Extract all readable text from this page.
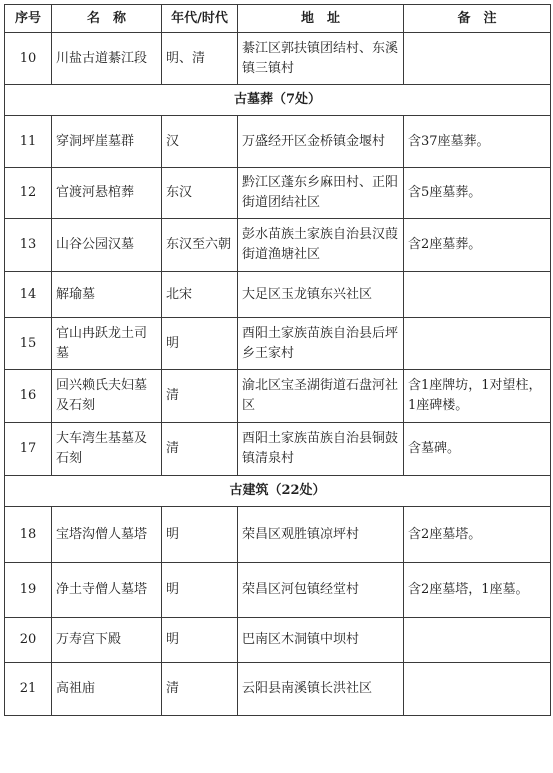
序号	名　称	年代/时代	地　址	备　注
10	川盐古道綦江段	明、清	綦江区郭扶镇团结村、东溪镇三镇村	
古墓葬（7处）				
11	穿洞坪崖墓群	汉	万盛经开区金桥镇金堰村	含37座墓葬。
12	官渡河悬棺葬	东汉	黔江区蓬东乡麻田村、正阳街道团结社区	含5座墓葬。
13	山谷公园汉墓	东汉至六朝	彭水苗族土家族自治县汉葭街道渔塘社区	含2座墓葬。
14	解瑜墓	北宋	大足区玉龙镇东兴社区	
15	官山冉跃龙土司墓	明	酉阳土家族苗族自治县后坪乡王家村	
16	回兴赖氏夫妇墓及石刻	清	渝北区宝圣湖街道石盘河社区	含1座牌坊，1对望柱，1座碑楼。
17	大车湾生基墓及石刻	清	酉阳土家族苗族自治县铜鼓镇清泉村	含墓碑。
古建筑（22处）				
18	宝塔沟僧人墓塔	明	荣昌区观胜镇凉坪村	含2座墓塔。
19	净土寺僧人墓塔	明	荣昌区河包镇经堂村	含2座墓塔，1座墓。
20	万寿宫下殿	明	巴南区木洞镇中坝村	
21	高祖庙	清	云阳县南溪镇长洪社区	
